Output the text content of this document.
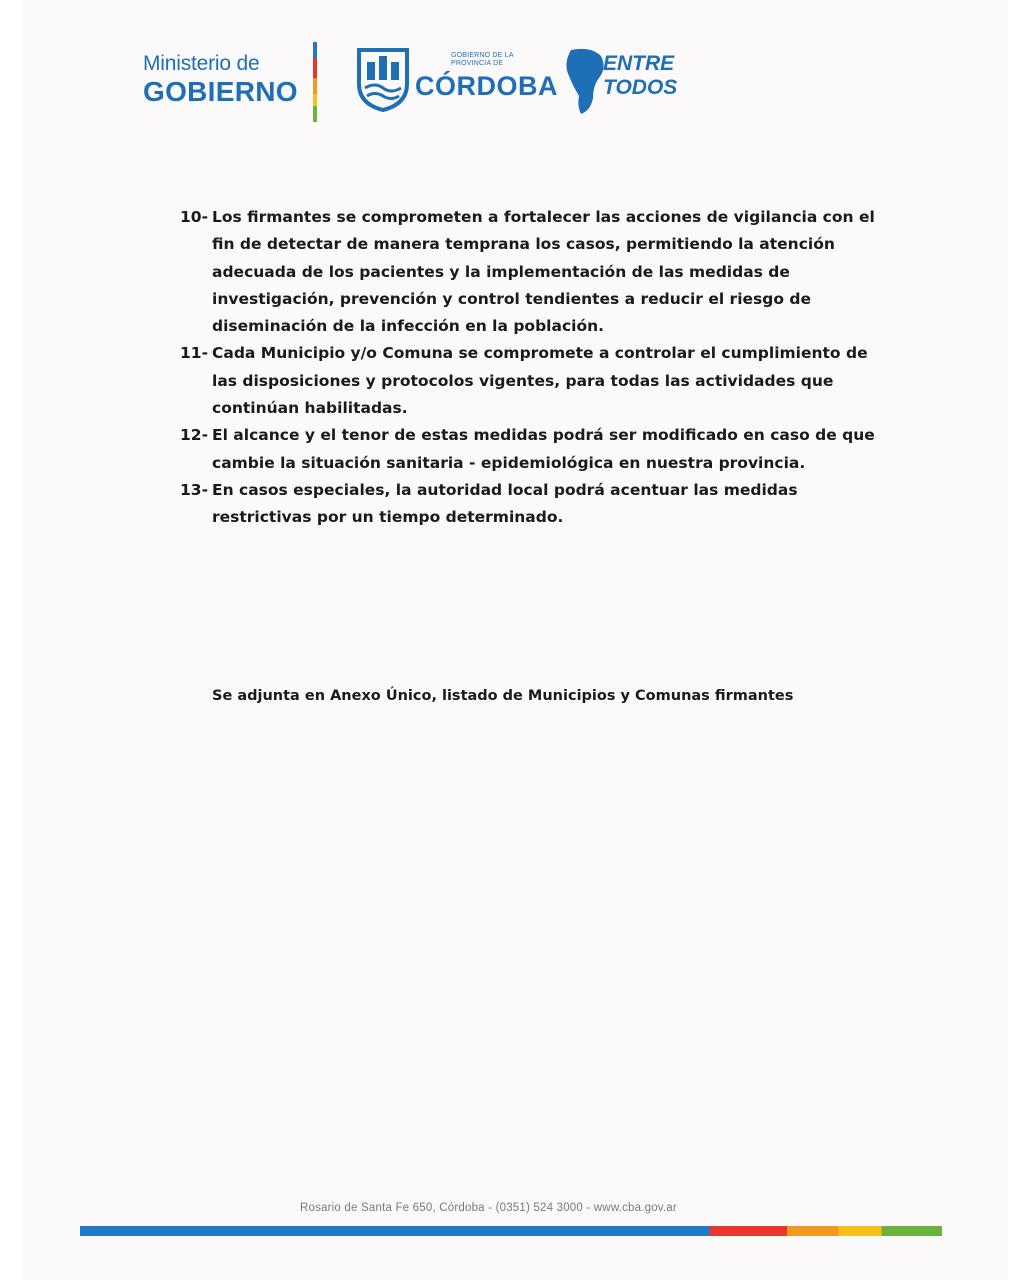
Ministerio de
GOBIERNO
GOBIERNO DE LA PROVINCIA DE
CÓRDOBA
ENTRE
TODOS
10- Los firmantes se comprometen a fortalecer las acciones de vigilancia con el fin de detectar de manera temprana los casos, permitiendo la atención adecuada de los pacientes y la implementación de las medidas de investigación, prevención y control tendientes a reducir el riesgo de diseminación de la infección en la población.
11- Cada Municipio y/o Comuna se compromete a controlar el cumplimiento de las disposiciones y protocolos vigentes, para todas las actividades que continúan habilitadas.
12- El alcance y el tenor de estas medidas podrá ser modificado en caso de que cambie la situación sanitaria - epidemiológica en nuestra provincia.
13- En casos especiales, la autoridad local podrá acentuar las medidas restrictivas por un tiempo determinado.
Se adjunta en Anexo Único, listado de Municipios y Comunas firmantes
Rosario de Santa Fe 650, Córdoba - (0351) 524 3000 - www.cba.gov.ar
